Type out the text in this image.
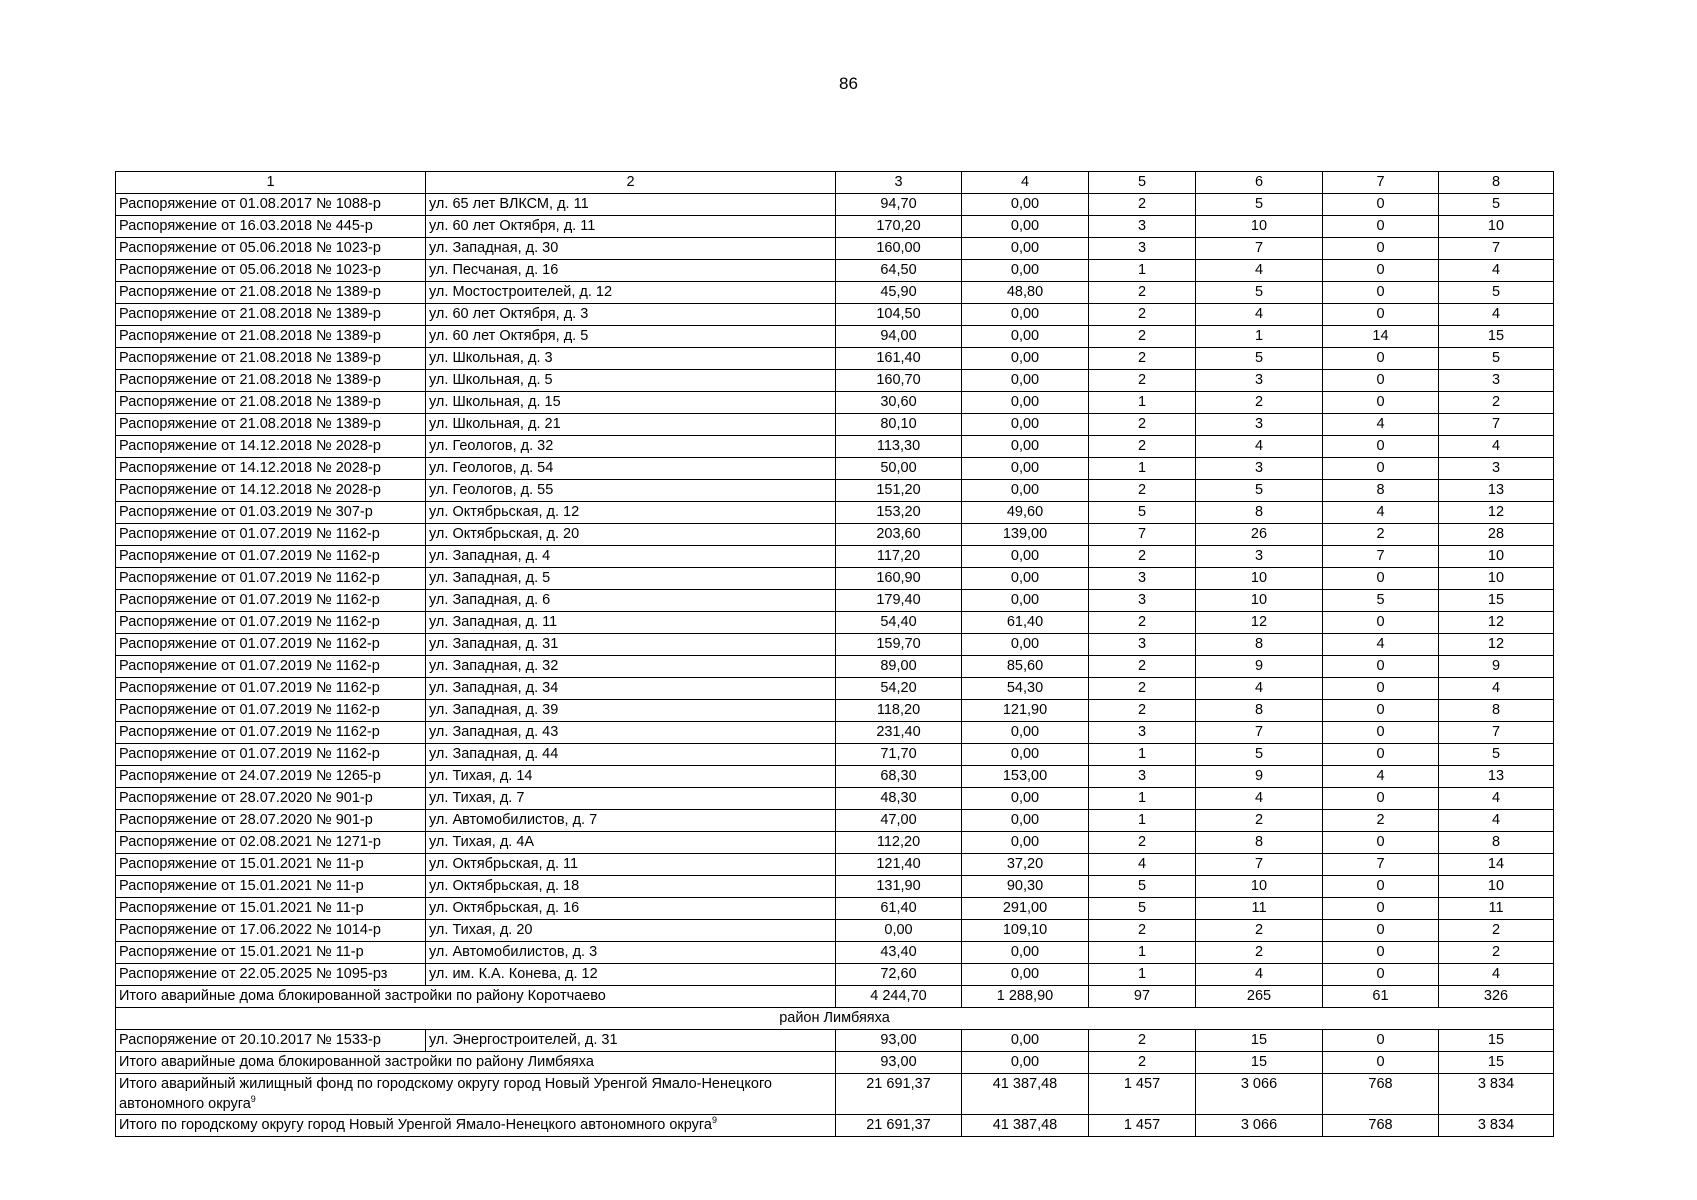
86
1	2	3	4	5	6	7	8
Распоряжение от 01.08.2017 № 1088-р	ул. 65 лет ВЛКСМ, д. 11	94,70	0,00	2	5	0	5
Распоряжение от 16.03.2018 № 445-р	ул. 60 лет Октября, д. 11	170,20	0,00	3	10	0	10
Распоряжение от 05.06.2018 № 1023-р	ул. Западная, д. 30	160,00	0,00	3	7	0	7
Распоряжение от 05.06.2018 № 1023-р	ул. Песчаная, д. 16	64,50	0,00	1	4	0	4
Распоряжение от 21.08.2018 № 1389-р	ул. Мостостроителей, д. 12	45,90	48,80	2	5	0	5
Распоряжение от 21.08.2018 № 1389-р	ул. 60 лет Октября, д. 3	104,50	0,00	2	4	0	4
Распоряжение от 21.08.2018 № 1389-р	ул. 60 лет Октября, д. 5	94,00	0,00	2	1	14	15
Распоряжение от 21.08.2018 № 1389-р	ул. Школьная, д. 3	161,40	0,00	2	5	0	5
Распоряжение от 21.08.2018 № 1389-р	ул. Школьная, д. 5	160,70	0,00	2	3	0	3
Распоряжение от 21.08.2018 № 1389-р	ул. Школьная, д. 15	30,60	0,00	1	2	0	2
Распоряжение от 21.08.2018 № 1389-р	ул. Школьная, д. 21	80,10	0,00	2	3	4	7
Распоряжение от 14.12.2018 № 2028-р	ул. Геологов, д. 32	113,30	0,00	2	4	0	4
Распоряжение от 14.12.2018 № 2028-р	ул. Геологов, д. 54	50,00	0,00	1	3	0	3
Распоряжение от 14.12.2018 № 2028-р	ул. Геологов, д. 55	151,20	0,00	2	5	8	13
Распоряжение от 01.03.2019 № 307-р	ул. Октябрьская, д. 12	153,20	49,60	5	8	4	12
Распоряжение от 01.07.2019 № 1162-р	ул. Октябрьская, д. 20	203,60	139,00	7	26	2	28
Распоряжение от 01.07.2019 № 1162-р	ул. Западная, д. 4	117,20	0,00	2	3	7	10
Распоряжение от 01.07.2019 № 1162-р	ул. Западная, д. 5	160,90	0,00	3	10	0	10
Распоряжение от 01.07.2019 № 1162-р	ул. Западная, д. 6	179,40	0,00	3	10	5	15
Распоряжение от 01.07.2019 № 1162-р	ул. Западная, д. 11	54,40	61,40	2	12	0	12
Распоряжение от 01.07.2019 № 1162-р	ул. Западная, д. 31	159,70	0,00	3	8	4	12
Распоряжение от 01.07.2019 № 1162-р	ул. Западная, д. 32	89,00	85,60	2	9	0	9
Распоряжение от 01.07.2019 № 1162-р	ул. Западная, д. 34	54,20	54,30	2	4	0	4
Распоряжение от 01.07.2019 № 1162-р	ул. Западная, д. 39	118,20	121,90	2	8	0	8
Распоряжение от 01.07.2019 № 1162-р	ул. Западная, д. 43	231,40	0,00	3	7	0	7
Распоряжение от 01.07.2019 № 1162-р	ул. Западная, д. 44	71,70	0,00	1	5	0	5
Распоряжение от 24.07.2019 № 1265-р	ул. Тихая, д. 14	68,30	153,00	3	9	4	13
Распоряжение от 28.07.2020 № 901-р	ул. Тихая, д. 7	48,30	0,00	1	4	0	4
Распоряжение от 28.07.2020 № 901-р	ул. Автомобилистов, д. 7	47,00	0,00	1	2	2	4
Распоряжение от 02.08.2021 № 1271-р	ул. Тихая, д. 4А	112,20	0,00	2	8	0	8
Распоряжение от 15.01.2021 № 11-р	ул. Октябрьская, д. 11	121,40	37,20	4	7	7	14
Распоряжение от 15.01.2021 № 11-р	ул. Октябрьская, д. 18	131,90	90,30	5	10	0	10
Распоряжение от 15.01.2021 № 11-р	ул. Октябрьская, д. 16	61,40	291,00	5	11	0	11
Распоряжение от 17.06.2022 № 1014-р	ул. Тихая, д. 20	0,00	109,10	2	2	0	2
Распоряжение от 15.01.2021 № 11-р	ул. Автомобилистов, д. 3	43,40	0,00	1	2	0	2
Распоряжение от 22.05.2025 № 1095-рз	ул. им. К.А. Конева, д. 12	72,60	0,00	1	4	0	4
Итого аварийные дома блокированной застройки по району Коротчаево		4 244,70	1 288,90	97	265	61	326
район Лимбяяха							
Распоряжение от 20.10.2017 № 1533-р	ул. Энергостроителей, д. 31	93,00	0,00	2	15	0	15
Итого аварийные дома блокированной застройки по району Лимбяяха		93,00	0,00	2	15	0	15
Итого аварийный жилищный фонд по городскому округу город Новый Уренгой Ямало-Ненецкого автономного округа$^9$		21 691,37	41 387,48	1 457	3 066	768	3 834
Итого по городскому округу город Новый Уренгой Ямало-Ненецкого автономного округа$^9$		21 691,37	41 387,48	1 457	3 066	768	3 834
